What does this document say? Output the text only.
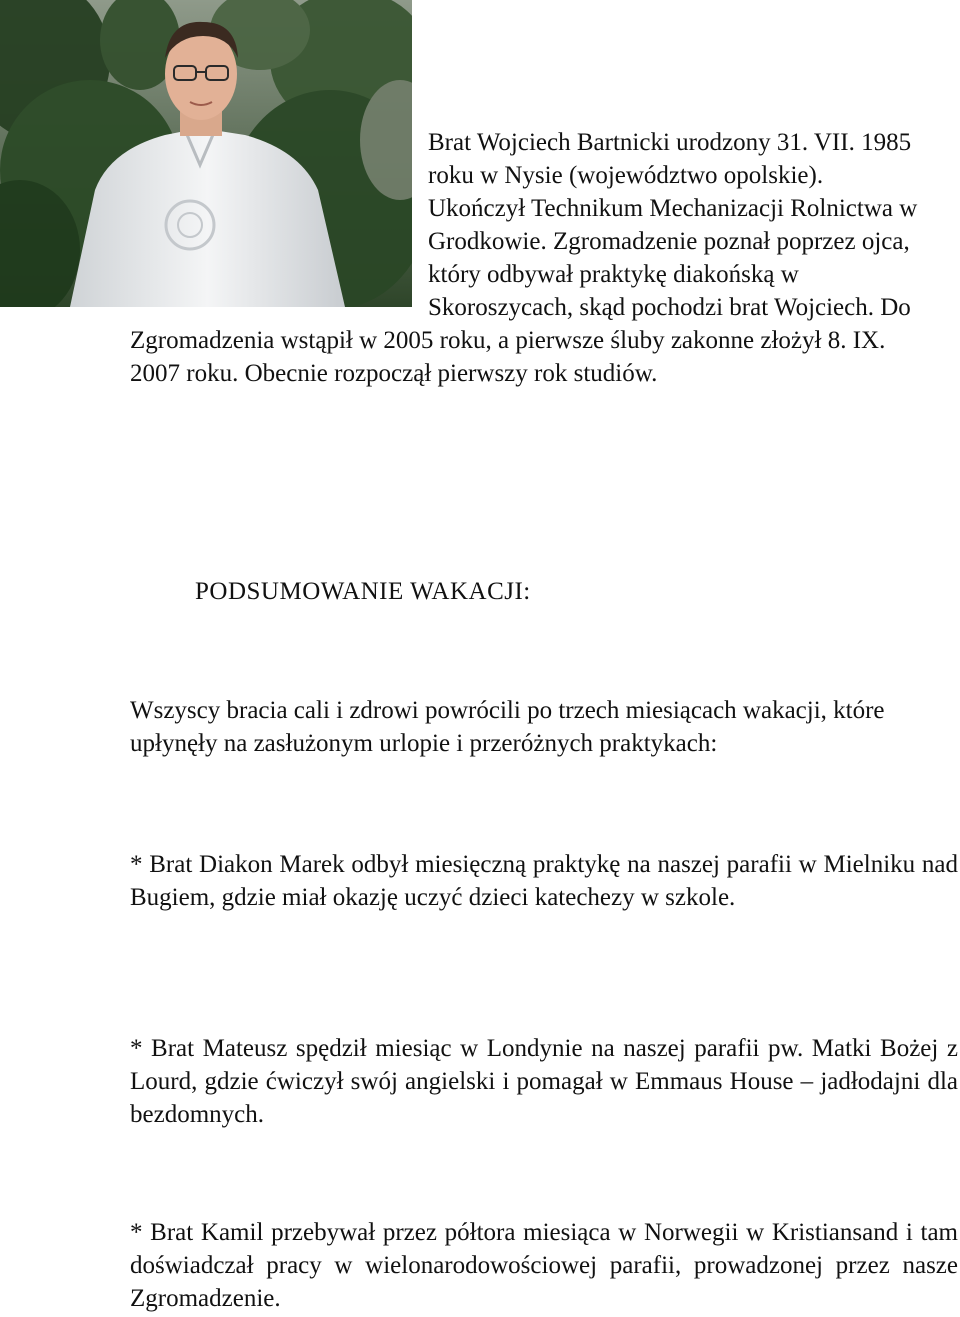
Brat Wojciech Bartnicki urodzony 31. VII. 1985 roku w Nysie (województwo opolskie). Ukończył Technikum Mechanizacji Rolnictwa w Grodkowie. Zgromadzenie poznał poprzez ojca, który odbywał praktykę diakońską w Skoroszycach, skąd pochodzi brat Wojciech. Do Zgromadzenia wstąpił w 2005 roku, a pierwsze śluby zakonne złożył 8. IX. 2007 roku. Obecnie rozpoczął pierwszy rok studiów.
PODSUMOWANIE WAKACJI:
Wszyscy bracia cali i zdrowi powrócili po trzech miesiącach wakacji, które upłynęły na zasłużonym urlopie i przeróżnych praktykach:
* Brat Diakon Marek odbył miesięczną praktykę na naszej parafii w Mielniku nad Bugiem, gdzie miał okazję uczyć dzieci katechezy w szkole.
* Brat Mateusz spędził miesiąc w Londynie na naszej parafii pw. Matki Bożej z Lourd, gdzie ćwiczył swój angielski i pomagał w Emmaus House – jadłodajni dla bezdomnych.
* Brat Kamil przebywał przez półtora miesiąca w Norwegii w Kristiansand i tam doświadczał pracy w wielonarodowościowej parafii, prowadzonej przez nasze Zgromadzenie.
